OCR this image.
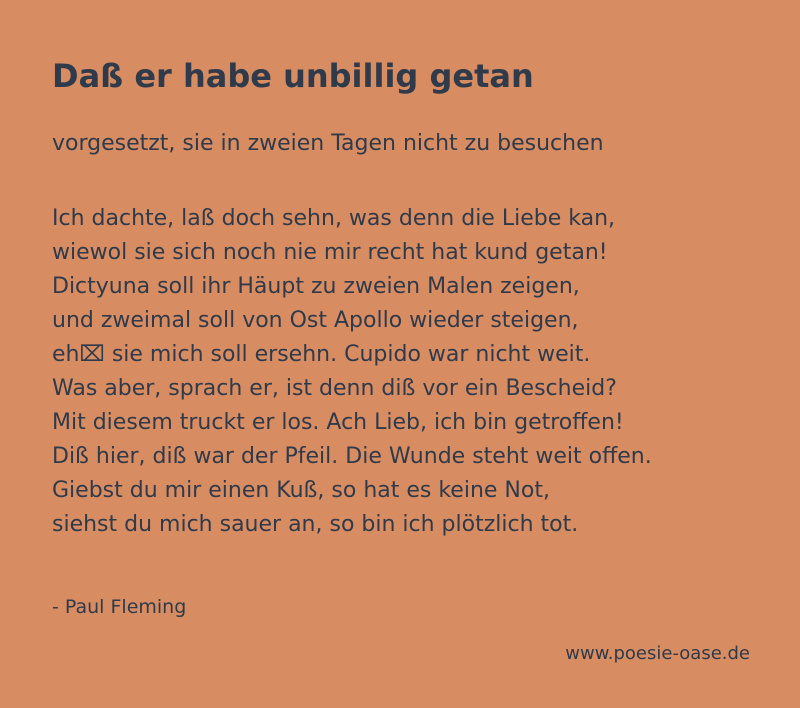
Daß er habe unbillig getan

vorgesetzt, sie in zweien Tagen nicht zu besuchen

Ich dachte, laß doch sehn, was denn die Liebe kan,
wiewol sie sich noch nie mir recht hat kund getan!
Dictyuna soll ihr Häupt zu zweien Malen zeigen,
und zweimal soll von Ost Apollo wieder steigen,
eh⌧ sie mich soll ersehn. Cupido war nicht weit.
Was aber, sprach er, ist denn diß vor ein Bescheid?
Mit diesem truckt er los. Ach Lieb, ich bin getroffen!
Diß hier, diß war der Pfeil. Die Wunde steht weit offen.
Giebst du mir einen Kuß, so hat es keine Not,
siehst du mich sauer an, so bin ich plötzlich tot.

- Paul Fleming

www.poesie-oase.de
